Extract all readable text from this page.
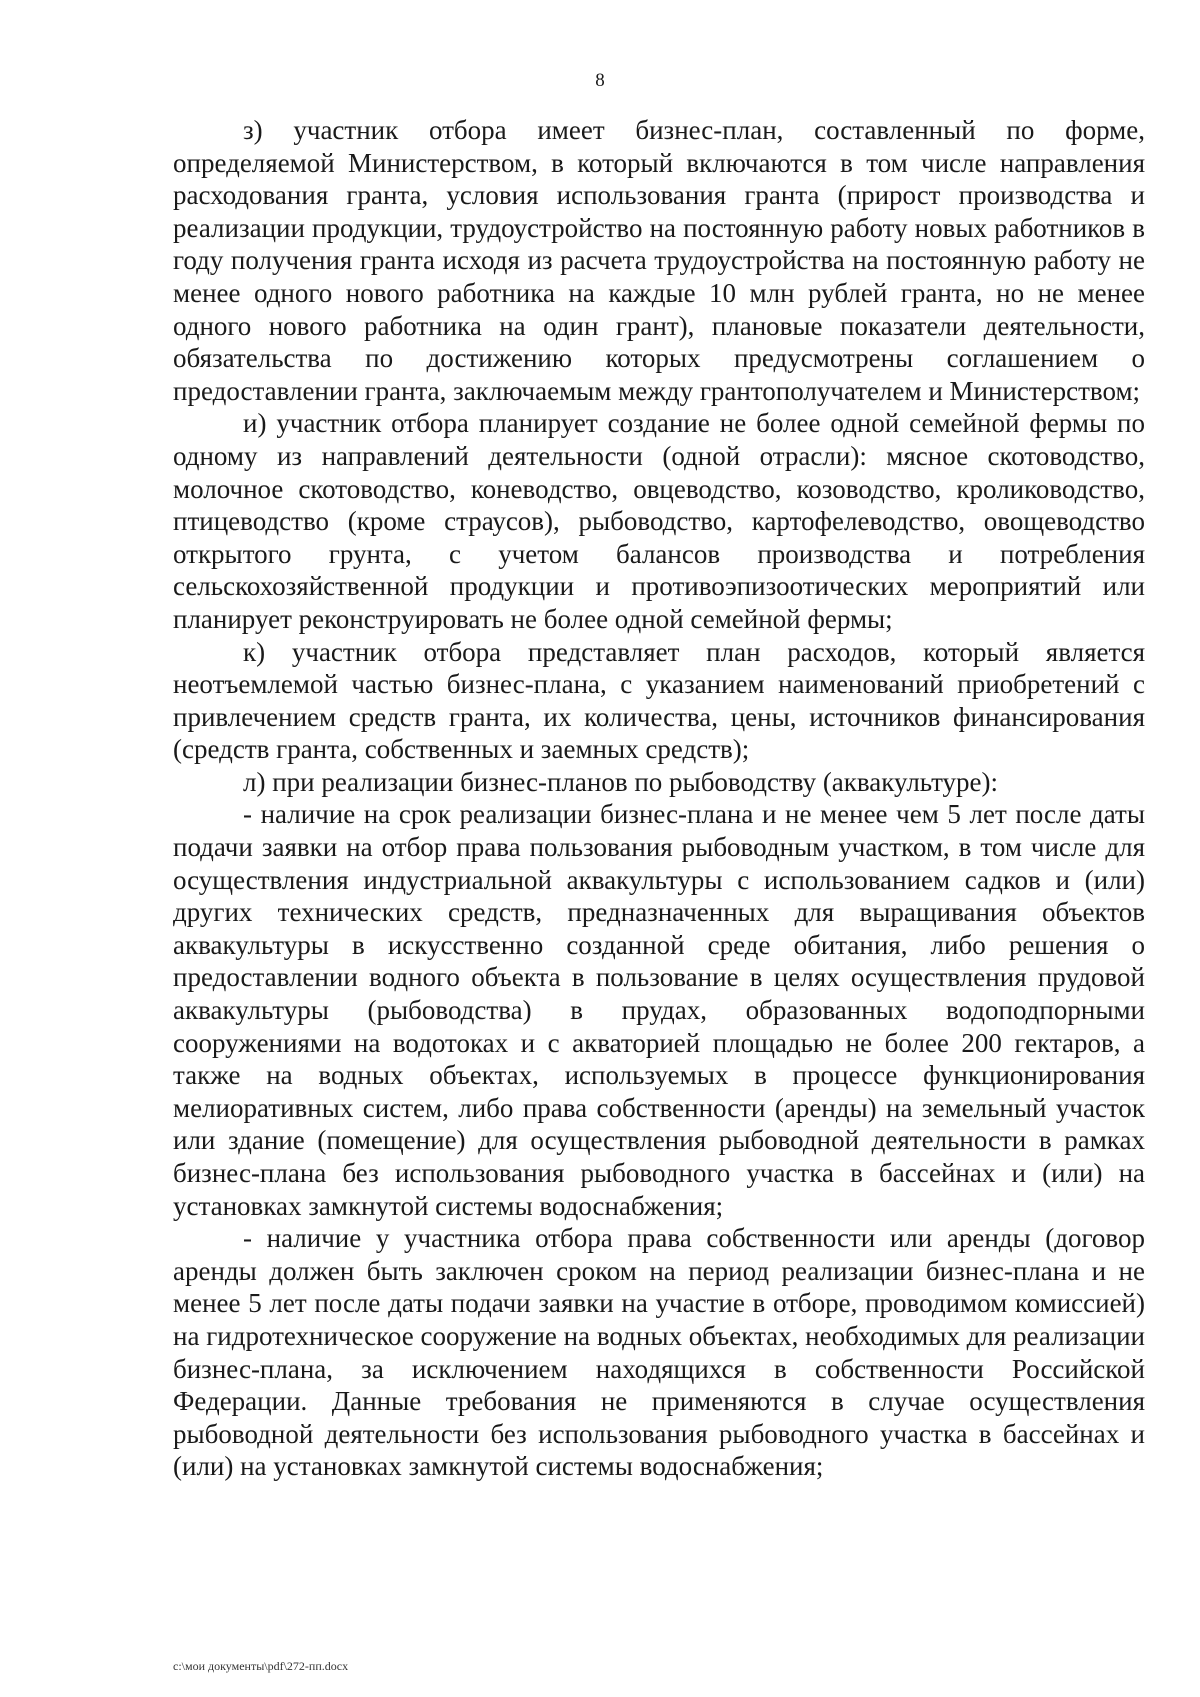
8

з) участник отбора имеет бизнес-план, составленный по форме, определяемой Министерством, в который включаются в том числе направления расходования гранта, условия использования гранта (прирост производства и реализации продукции, трудоустройство на постоянную работу новых работников в году получения гранта исходя из расчета трудоустройства на постоянную работу не менее одного нового работника на каждые 10 млн рублей гранта, но не менее одного нового работника на один грант), плановые показатели деятельности, обязательства по достижению которых предусмотрены соглашением о предоставлении гранта, заключаемым между грантополучателем и Министерством;

и) участник отбора планирует создание не более одной семейной фермы по одному из направлений деятельности (одной отрасли): мясное скотоводство, молочное скотоводство, коневодство, овцеводство, козоводство, кролиководство, птицеводство (кроме страусов), рыбоводство, картофелеводство, овощеводство открытого грунта, с учетом балансов производства и потребления сельскохозяйственной продукции и противоэпизоотических мероприятий или планирует реконструировать не более одной семейной фермы;

к) участник отбора представляет план расходов, который является неотъемлемой частью бизнес-плана, с указанием наименований приобретений с привлечением средств гранта, их количества, цены, источников финансирования (средств гранта, собственных и заемных средств);

л) при реализации бизнес-планов по рыбоводству (аквакультуре):

- наличие на срок реализации бизнес-плана и не менее чем 5 лет после даты подачи заявки на отбор права пользования рыбоводным участком, в том числе для осуществления индустриальной аквакультуры с использованием садков и (или) других технических средств, предназначенных для выращивания объектов аквакультуры в искусственно созданной среде обитания, либо решения о предоставлении водного объекта в пользование в целях осуществления прудовой аквакультуры (рыбоводства) в прудах, образованных водоподпорными сооружениями на водотоках и с акваторией площадью не более 200 гектаров, а также на водных объектах, используемых в процессе функционирования мелиоративных систем, либо права собственности (аренды) на земельный участок или здание (помещение) для осуществления рыбоводной деятельности в рамках бизнес-плана без использования рыбоводного участка в бассейнах и (или) на установках замкнутой системы водоснабжения;

- наличие у участника отбора права собственности или аренды (договор аренды должен быть заключен сроком на период реализации бизнес-плана и не менее 5 лет после даты подачи заявки на участие в отборе, проводимом комиссией) на гидротехническое сооружение на водных объектах, необходимых для реализации бизнес-плана, за исключением находящихся в собственности Российской Федерации. Данные требования не применяются в случае осуществления рыбоводной деятельности без использования рыбоводного участка в бассейнах и (или) на установках замкнутой системы водоснабжения;

c:\мои документы\pdf\272-пп.docx
